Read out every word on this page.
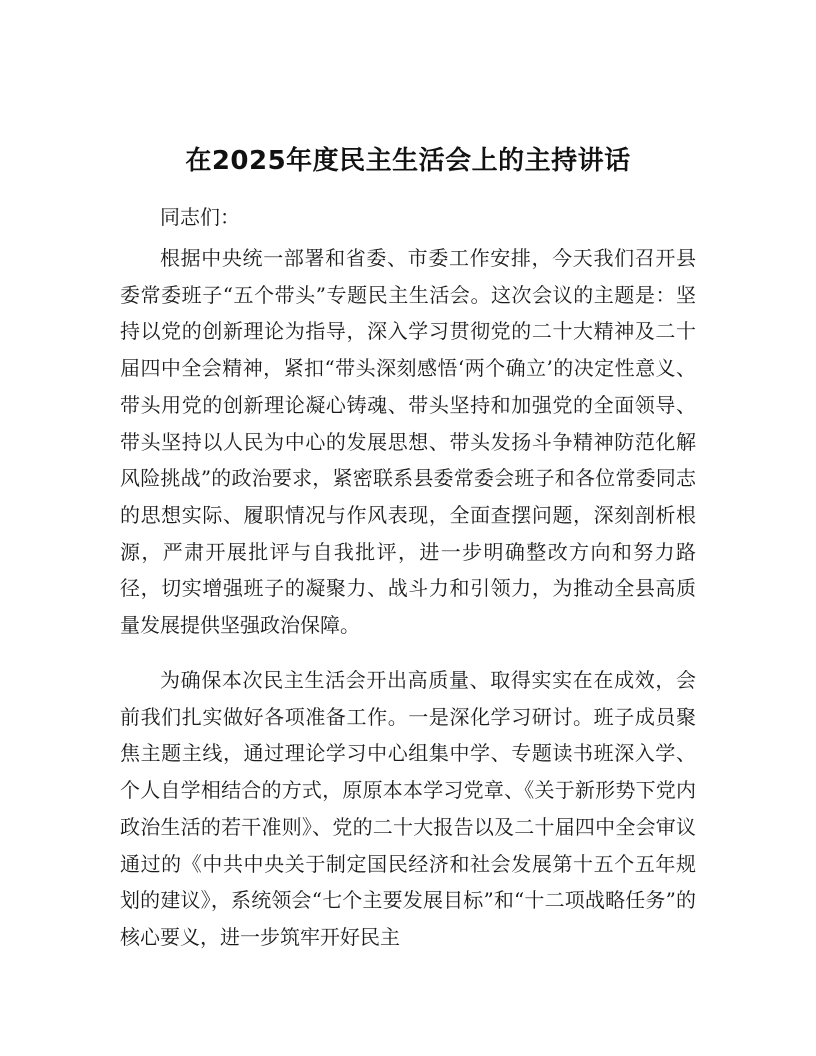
在2025年度民主生活会上的主持讲话

同志们：

根据中央统一部署和省委、市委工作安排，今天我们召开县委常委班子“五个带头”专题民主生活会。这次会议的主题是：坚持以党的创新理论为指导，深入学习贯彻党的二十大精神及二十届四中全会精神，紧扣“带头深刻感悟‘两个确立’的决定性意义、带头用党的创新理论凝心铸魂、带头坚持和加强党的全面领导、带头坚持以人民为中心的发展思想、带头发扬斗争精神防范化解风险挑战”的政治要求，紧密联系县委常委会班子和各位常委同志的思想实际、履职情况与作风表现，全面查摆问题，深刻剖析根源，严肃开展批评与自我批评，进一步明确整改方向和努力路径，切实增强班子的凝聚力、战斗力和引领力，为推动全县高质量发展提供坚强政治保障。

为确保本次民主生活会开出高质量、取得实实在在成效，会前我们扎实做好各项准备工作。一是深化学习研讨。班子成员聚焦主题主线，通过理论学习中心组集中学、专题读书班深入学、个人自学相结合的方式，原原本本学习党章、《关于新形势下党内政治生活的若干准则》、党的二十大报告以及二十届四中全会审议通过的《中共中央关于制定国民经济和社会发展第十五个五年规划的建议》，系统领会“七个主要发展目标”和“十二项战略任务”的核心要义，进一步筑牢开好民主
